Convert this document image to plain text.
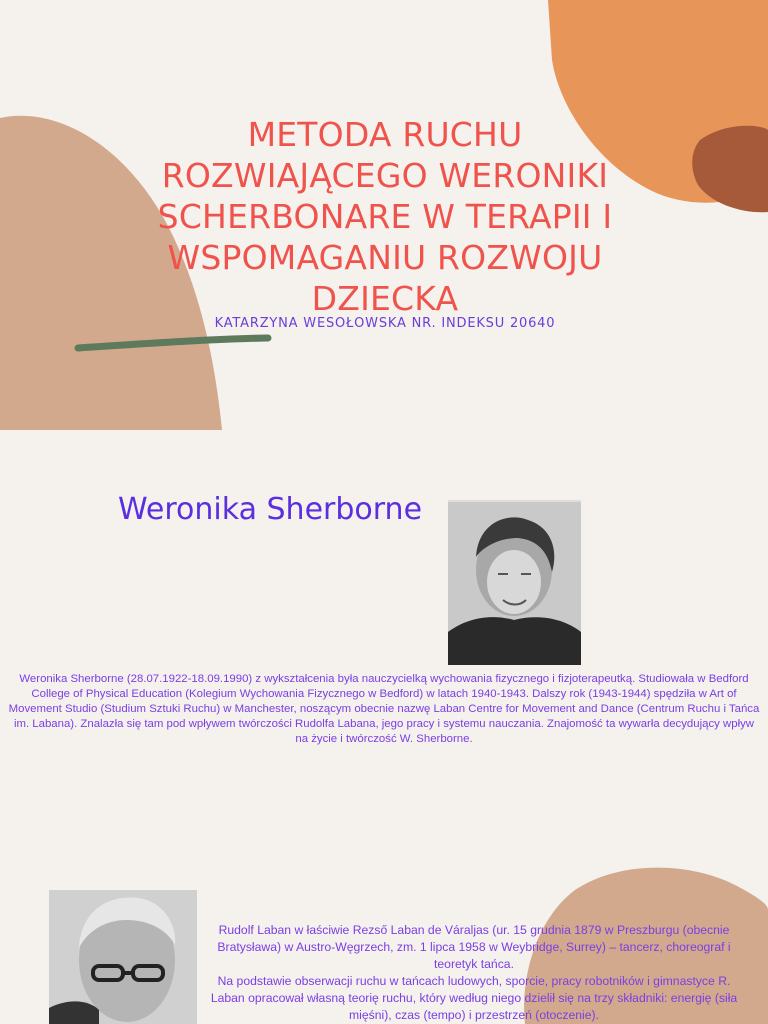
METODA RUCHU ROZWIAJĄCEGO WERONIKI SCHERBONARE W TERAPII I WSPOMAGANIU ROZWOJU DZIECKA
KATARZYNA WESOŁOWSKA NR. INDEKSU 20640
Weronika Sherborne
Weronika Sherborne (28.07.1922-18.09.1990) z wykształcenia była nauczycielką wychowania fizycznego i fizjoterapeutką. Studiowała w Bedford College of Physical Education (Kolegium Wychowania Fizycznego w Bedford) w latach 1940-1943. Dalszy rok (1943-1944) spędziła w Art of Movement Studio (Studium Sztuki Ruchu) w Manchester, noszącym obecnie nazwę Laban Centre for Movement and Dance (Centrum Ruchu i Tańca im. Labana). Znalazła się tam pod wpływem twórczości Rudolfa Labana, jego pracy i systemu nauczania. Znajomość ta wywarła decydujący wpływ na życie i twórczość W. Sherborne.

Rudolf Laban w łaściwie Rezső Laban de Váraljas (ur. 15 grudnia 1879 w Preszburgu (obecnie Bratysława) w Austro-Węgrzech, zm. 1 lipca 1958 w Weybridge, Surrey) – tancerz, choreograf i teoretyk tańca.

Na podstawie obserwacji ruchu w tańcach ludowych, sporcie, pracy robotników i gimnastyce R. Laban opracował własną teorię ruchu, który według niego dzielił się na trzy składniki: energię (siła mięśni), czas (tempo) i przestrzeń (otoczenie).
